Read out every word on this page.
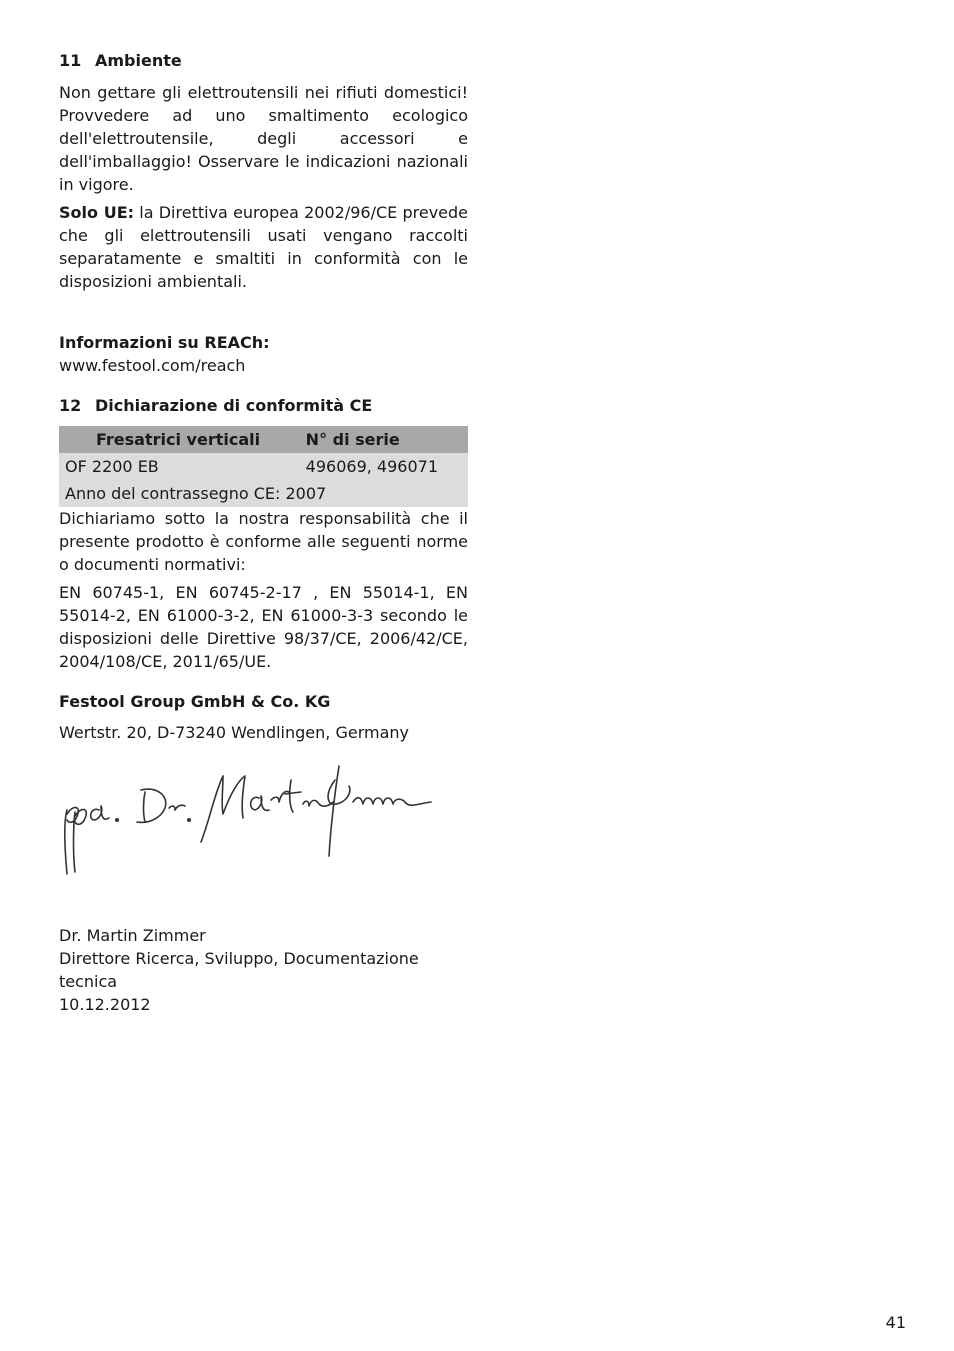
11 Ambiente

Non gettare gli elettroutensili nei rifiuti domestici! Provvedere ad uno smaltimento ecologico dell'elettroutensile, degli accessori e dell'imballaggio! Osservare le indicazioni nazionali in vigore.

Solo UE: la Direttiva europea 2002/96/CE prevede che gli elettroutensili usati vengano raccolti separatamente e smaltiti in conformità con le disposizioni ambientali.

Informazioni su REACh:
www.festool.com/reach
12 Dichiarazione di conformità CE
Fresatrici verticali	N° di serie
OF 2200 EB	496069, 496071
Anno del contrassegno CE: 2007	

Dichiariamo sotto la nostra responsabilità che il presente prodotto è conforme alle seguenti norme o documenti normativi:

EN 60745-1, EN 60745-2-17 , EN 55014-1, EN 55014-2, EN 61000-3-2, EN 61000-3-3 secondo le disposizioni delle Direttive 98/37/CE, 2006/42/CE, 2004/108/CE, 2011/65/UE.

Festool Group GmbH & Co. KG

Wertstr. 20, D-73240 Wendlingen, Germany

Dr. Martin Zimmer
Direttore Ricerca, Sviluppo, Documentazione tecnica
10.12.2012
41
